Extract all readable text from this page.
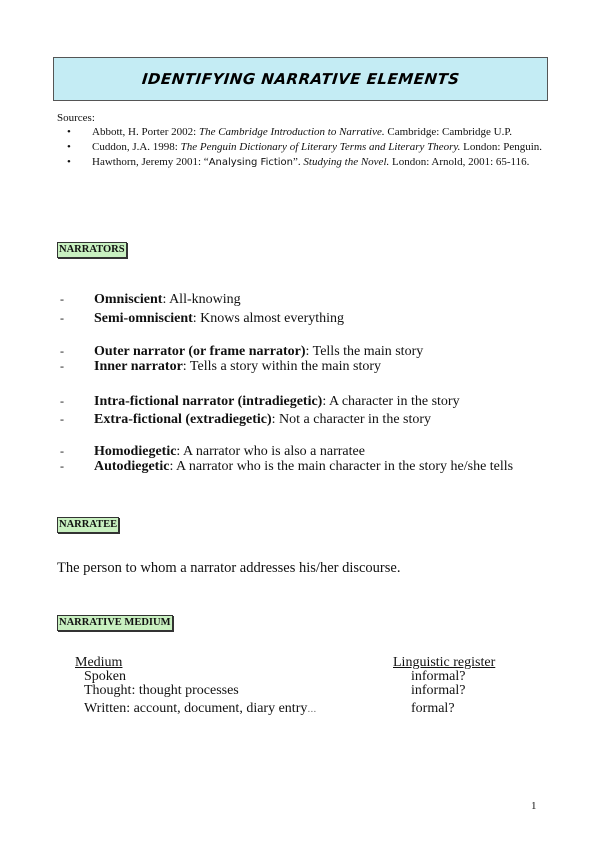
IDENTIFYING NARRATIVE ELEMENTS
Sources:
• Abbott, H. Porter 2002: The Cambridge Introduction to Narrative. Cambridge: Cambridge U.P.
• Cuddon, J.A. 1998: The Penguin Dictionary of Literary Terms and Literary Theory. London: Penguin.
• Hawthorn, Jeremy 2001: “Analysing Fiction”. Studying the Novel. London: Arnold, 2001: 65-116.
NARRATORS
- Omniscient: All-knowing
- Semi-omniscient: Knows almost everything
- Outer narrator (or frame narrator): Tells the main story
- Inner narrator: Tells a story within the main story
- Intra-fictional narrator (intradiegetic): A character in the story
- Extra-fictional (extradiegetic): Not a character in the story
- Homodiegetic: A narrator who is also a narratee
- Autodiegetic: A narrator who is the main character in the story he/she tells
NARRATEE
The person to whom a narrator addresses his/her discourse.
NARRATIVE MEDIUM
Medium	Linguistic register
Spoken	informal?
Thought: thought processes	informal?
Written: account, document, diary entry…	formal?
1
